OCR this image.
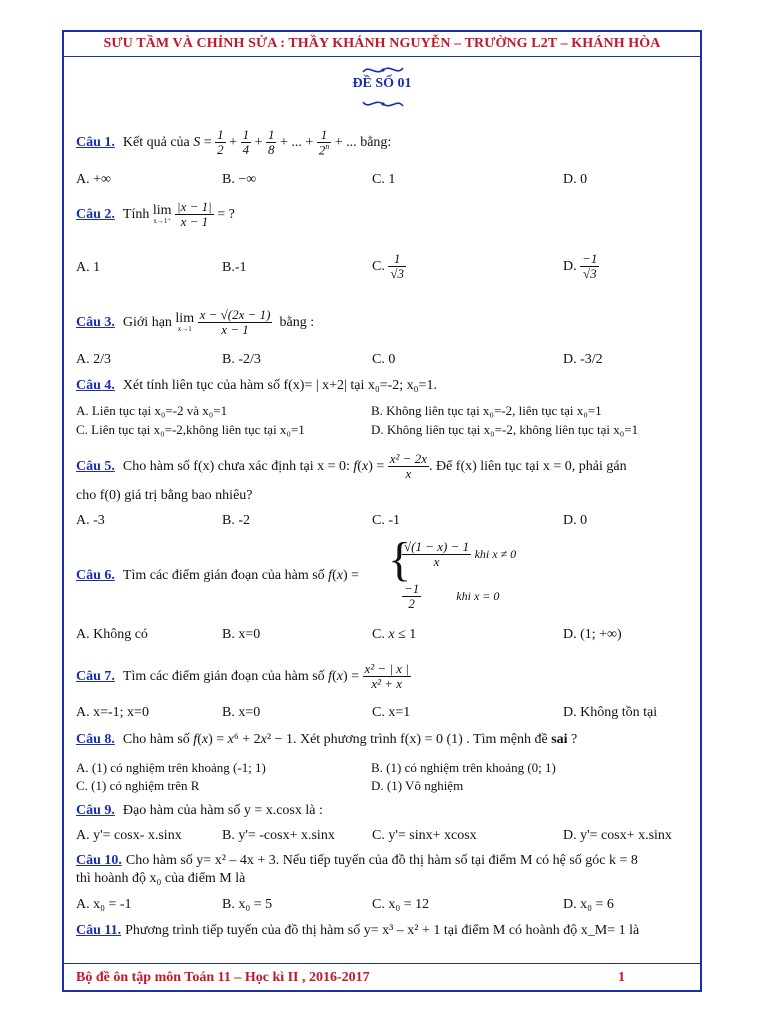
SƯU TẦM VÀ CHỈNH SỬA : THẦY KHÁNH NGUYỄN – TRƯỜNG L2T – KHÁNH HÒA
ĐỀ SỐ 01
Câu 1. Kết quả của $S = \frac{1}{2} + \frac{1}{4} + \frac{1}{8}$ + ... + $\frac{1}{2^n}$ + ... bằng:
A. +∞	B. −∞	C. 1	D. 0
Câu 2. Tính lim
x→1⁺
$\frac{|x - 1|}{x - 1}$ = ?
A. 1	B.-1	C. $\frac{1}{√3}$	D. $\frac{-1}{√3}$
Câu 3. Giới hạn lim
x→1
$\frac{x - √(2x - 1)}{x - 1}$ bằng :
A. 2/3	B. -2/3	C. 0	D. -3/2
Câu 4. Xét tính liên tục của hàm số f(x)= | x+2| tại x₀=-2; x₀=1.
A. Liên tục tại x₀=-2 và x₀=1	B. Không liên tục tại x₀=-2, liên tục tại x₀=1
C. Liên tục tại x₀=-2,không liên tục tại x₀=1	D. Không liên tục tại x₀=-2, không liên tục tại x₀=1
Câu 5. Cho hàm số f(x) chưa xác định tại x = 0: $f(x) = \frac{\text{x² − 2x}}{x}$ . Để f(x) liên tục tại x = 0, phải gán
cho f(0) giá trị bằng bao nhiêu?
A. -3	B. -2	C. -1	D. 0
Câu 6. Tìm các điểm gián đoạn của hàm số f(x) = {
$\frac{√(1 - x) - 1}{x}$ khi x ≠ 0
$\frac{-1}{2}$	khi x = 0
A. Không có	B. x=0	C. x ≤ 1	D. (1; +∞)
Câu 7. Tìm các điểm gián đoạn của hàm số $f(x) = \frac{\text{x² − | x |}}{\text{x² + x}}$
A. x=-1; x=0	B. x=0	C. x=1	D. Không tồn tại
Câu 8. Cho hàm số f(x) = x⁶ + 2x² − 1. Xét phương trình f(x) = 0 (1) . Tìm mệnh đề sai ?
A. (1) có nghiệm trên khoảng (-1; 1)	B. (1) có nghiệm trên khoảng (0; 1)
C. (1) có nghiệm trên R	D. (1) Vô nghiệm
Câu 9. Đạo hàm của hàm số y = x.cosx là :
A. y'= cosx- x.sinx	B. y'= -cosx+ x.sinx	C. y'= sinx+ xcosx	D. y'= cosx+ x.sinx
Câu 10. Cho hàm số y= x² – 4x + 3. Nếu tiếp tuyến của đồ thị hàm số tại điểm M có hệ số góc k = 8
thì hoành độ x₀ của điểm M là
A. x₀ = -1	B. x₀ = 5	C. x₀ = 12	D. x₀ = 6
Câu 11. Phương trình tiếp tuyến của đồ thị hàm số y= x³ – x² + 1 tại điểm M có hoành độ x_M= 1 là
Bộ đề ôn tập môn Toán 11 – Học kì II , 2016-2017	1
